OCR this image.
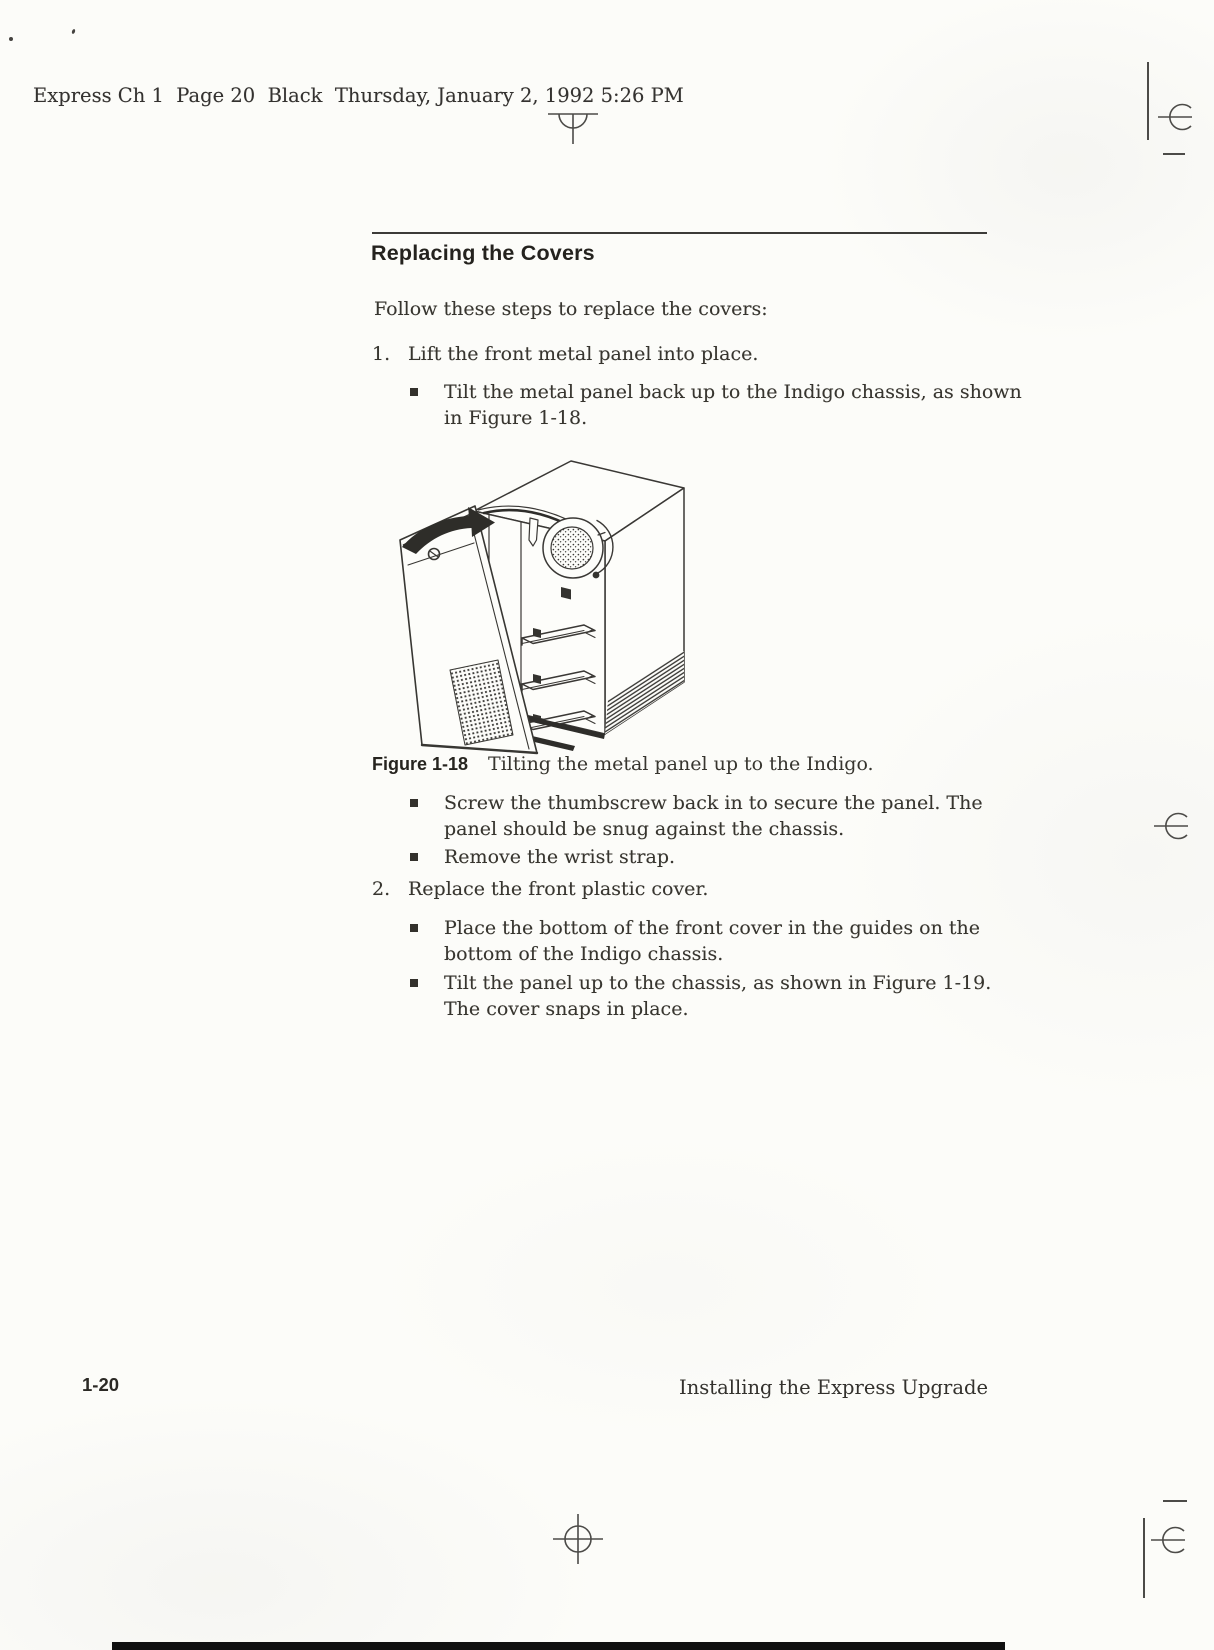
Express Ch 1  Page 20  Black  Thursday, January 2, 1992 5:26 PM
Replacing the Covers

Follow these steps to replace the covers:

1. Lift the front metal panel into place.

Tilt the metal panel back up to the Indigo chassis, as shown in Figure 1-18.

Figure 1-18 Tilting the metal panel up to the Indigo.

Screw the thumbscrew back in to secure the panel. The panel should be snug against the chassis.

Remove the wrist strap.

2. Replace the front plastic cover.

Place the bottom of the front cover in the guides on the bottom of the Indigo chassis.

Tilt the panel up to the chassis, as shown in Figure 1-19. The cover snaps in place.

1-20	Installing the Express Upgrade
